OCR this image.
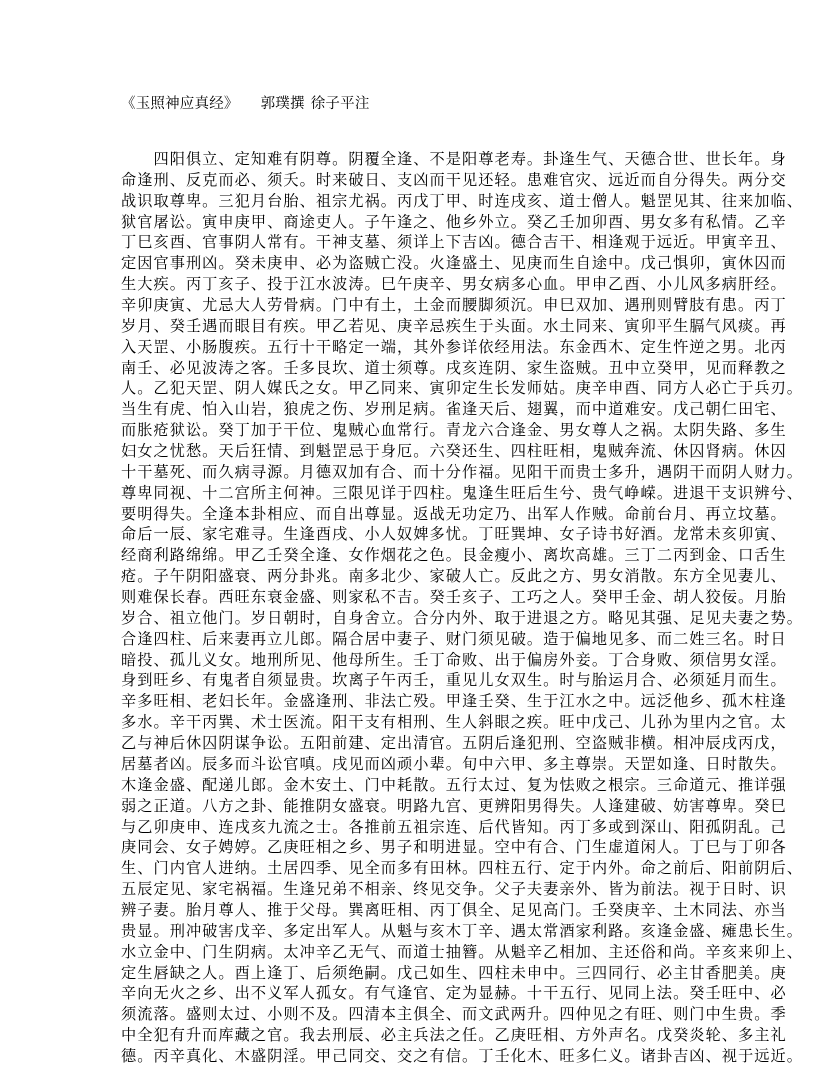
《玉照神应真经》 郭璞撰 徐子平注
　　四阳俱立、定知难有阴尊。阴覆全逢、不是阳尊老寿。卦逢生气、天德合世、世长年。身
命逢刑、反克而必、须夭。时来破日、支凶而干见还轻。患难官灾、远近而自分得失。两分交
战识取尊卑。三犯月台胎、祖宗尤祸。丙戊丁甲、时连戌亥、道士僧人。魁罡见其、往来加临、
狱官屠讼。寅申庚甲、商途吏人。子午逢之、他乡外立。癸乙壬加卯酉、男女多有私情。乙辛
丁巳亥酉、官事阴人常有。干神支墓、须详上下吉凶。德合吉干、相逢观于远近。甲寅辛丑、
定因官事刑凶。癸未庚申、必为盗贼亡没。火逢盛土、见庚而生自途中。戊己惧卯，寅休囚而
生大疾。丙丁亥子、投于江水波涛。巳午庚辛、男女病多心血。甲申乙酉、小儿风多病肝经。
辛卯庚寅、尤忌大人劳骨病。门中有土，土金而腰脚须沉。申巳双加、遇刑则臂肢有患。丙丁
岁月、癸壬遇而眼目有疾。甲乙若见、庚辛忌疾生于头面。水土同来、寅卯平生膈气风痰。再
入天罡、小肠腹疾。五行十干略定一端，其外参详依经用法。东金西木、定生忤逆之男。北丙
南壬、必见波涛之客。壬多艮坎、道士须尊。戌亥连阴、家生盗贼。丑中立癸甲，见而释教之
人。乙犯天罡、阴人媒氏之女。甲乙同来、寅卯定生长发师姑。庚辛申酉、同方人必亡于兵刃。
当生有虎、怕入山岩，狼虎之伤、岁刑足病。雀逢天后、翅翼，而中道难安。戊己朝仁田宅、
而胀疮狱讼。癸丁加于干位、鬼贼心血常行。青龙六合逢金、男女尊人之祸。太阴失路、多生
妇女之忧愁。天后狂情、到魁罡忌于身厄。六癸还生、四柱旺相，鬼贼奔流、休囚肾病。休囚
十干墓死、而久病寻源。月德双加有合、而十分作福。见阳干而贵士多升，遇阴干而阴人财力。
尊卑同视、十二宫所主何神。三限见详于四柱。鬼逢生旺后生兮、贵气峥嵘。进退干支识辨兮、
要明得失。全逢本卦相应、而自出尊显。返战无功定乃、出军人作贼。命前台月、再立坟墓。
命后一辰、家宅难寻。生逢酉戌、小人奴婢多忧。丁旺巽坤、女子诗书好酒。龙常未亥卯寅、
经商利路绵绵。甲乙壬癸全逢、女作烟花之色。艮金瘦小、离坎高雄。三丁二丙到金、口舌生
疮。子午阴阳盛衰、两分卦兆。南多北少、家破人亡。反此之方、男女消散。东方全见妻儿、
则难保长春。西旺东衰金盛、则家私不吉。癸壬亥子、工巧之人。癸甲壬金、胡人狡佞。月胎
岁合、祖立他门。岁日朝时，自身舍立。合分内外、取于进退之方。略见其强、足见夫妻之势。
合逢四柱、后来妻再立儿郎。隔合居中妻子、财门须见破。造于偏地见多、而二姓三名。时日
暗投、孤儿义女。地刑所见、他母所生。壬丁命败、出于偏房外妾。丁合身败、须信男女淫。
身到旺乡、有鬼者自须显贵。坎离子午丙壬，重见儿女双生。时与胎运月合、必须延月而生。
辛多旺相、老妇长年。金盛逢刑、非法亡殁。甲逢壬癸、生于江水之中。远泛他乡、孤木柱逢
多水。辛干丙巽、术士医流。阳干支有相刑、生人斜眼之疾。旺中戊己、儿孙为里内之官。太
乙与神后休囚阴谋争讼。五阳前建、定出清官。五阴后逢犯刑、空盗贼非横。相冲辰戌丙戊，
居墓者凶。辰多而斗讼官嗔。戌见而凶顽小辈。旬中六甲、多主尊崇。天罡如逢、日时散失。
木逢金盛、配递儿郎。金木安土、门中耗散。五行太过、复为怯败之根宗。三命道元、推详强
弱之正道。八方之卦、能推阴女盛衰。明路九宫、更辨阳男得失。人逢建破、妨害尊卑。癸巳
与乙卯庚申、连戌亥九流之士。各推前五祖宗连、后代皆知。丙丁多或到深山、阳孤阴乱。己
庚同会、女子娉婷。乙庚旺相之乡、男子和明进显。空中有合、门生虚道闲人。丁巳与丁卯各
生、门内官人进纳。土居四季、见全而多有田林。四柱五行、定于内外。命之前后、阳前阴后、
五辰定见、家宅祸福。生逢兄弟不相亲、终见交争。父子夫妻亲外、皆为前法。视于日时、识
辨子妻。胎月尊人、推于父母。巽离旺相、丙丁俱全、足见高门。壬癸庚辛、土木同法、亦当
贵显。刑冲破害戊辛、多定出军人。从魁与亥木丁辛、遇太常酒家利路。亥逢金盛、瘫患长生。
水立金中、门生阴病。太冲辛乙无气、而道士抽簪。从魁辛乙相加、主还俗和尚。辛亥来卯上、
定生唇缺之人。酉上逢丁、后须绝嗣。戊己如生、四柱未申中。三四同行、必主甘香肥美。庚
辛向无火之乡、出不义军人孤女。有气逢官、定为显赫。十干五行、见同上法。癸壬旺中、必
须流落。盛则太过、小则不及。四清本主俱全、而文武两升。四仲见之有旺、则门中生贵。季
中全犯有升而库藏之官。我去刑辰、必主兵法之任。乙庚旺相、方外声名。戊癸炎轮、多主礼
德。丙辛真化、木盛阴淫。甲己同交、交之有信。丁壬化木、旺多仁义。诸卦吉凶、视于远近。
